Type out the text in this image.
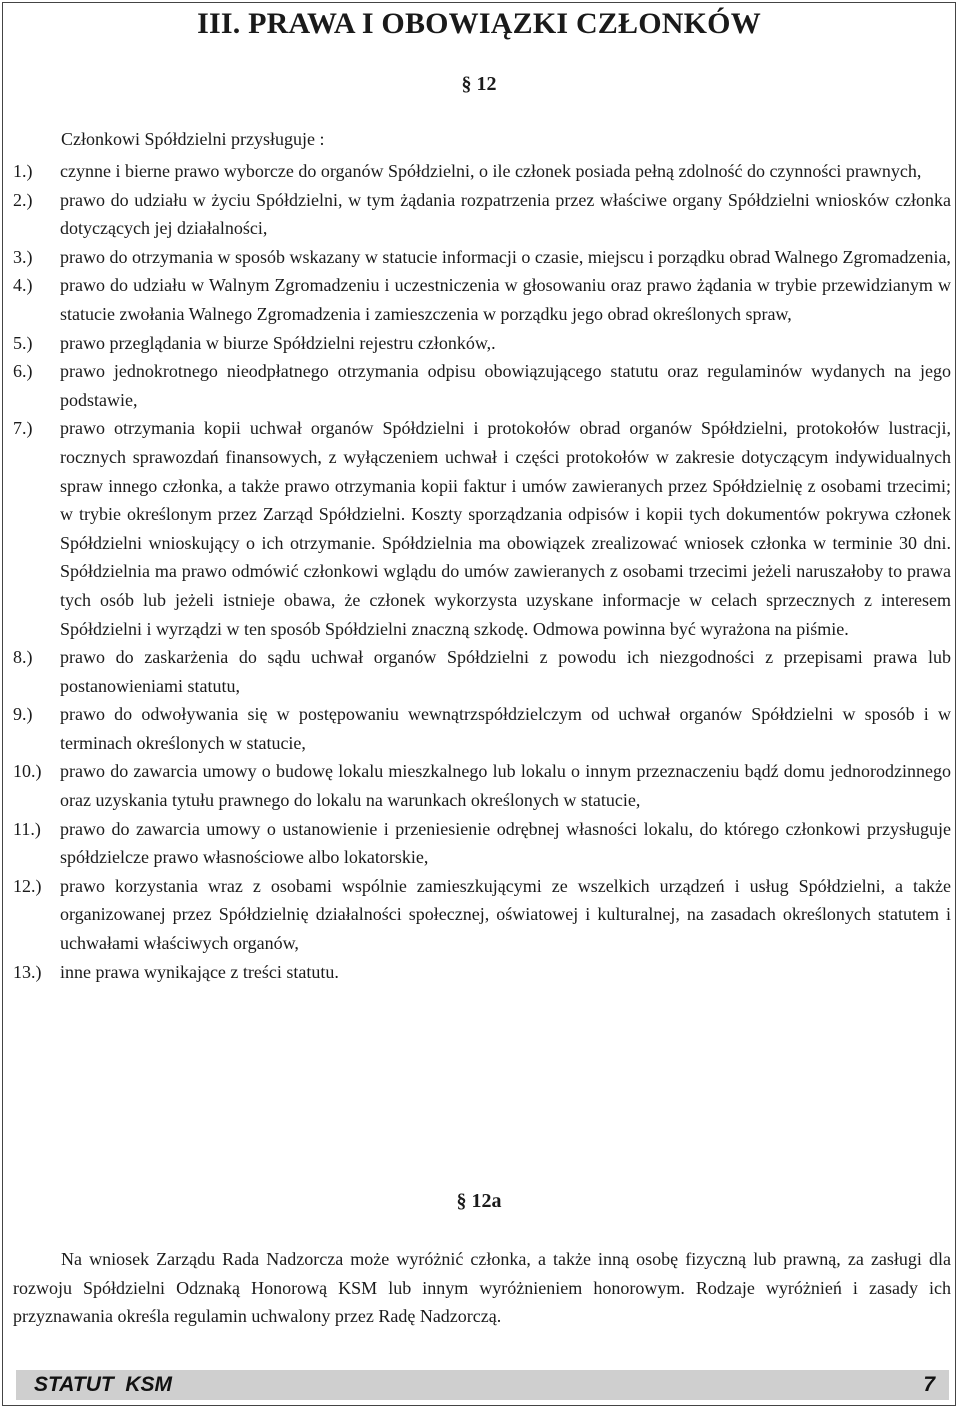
III. PRAWA I OBOWIĄZKI CZŁONKÓW
§ 12

Członkowi Spółdzielni przysługuje :

1.) czynne i bierne prawo wyborcze do organów Spółdzielni, o ile członek posiada pełną zdolność do czynności prawnych,
2.) prawo do udziału w życiu Spółdzielni, w tym żądania rozpatrzenia przez właściwe organy Spółdzielni wniosków członka dotyczących jej działalności,
3.) prawo do otrzymania w sposób wskazany w statucie informacji o czasie, miejscu i porządku obrad Walnego Zgromadzenia,
4.) prawo do udziału w Walnym Zgromadzeniu i uczestniczenia w głosowaniu oraz prawo żądania w trybie przewidzianym w statucie zwołania Walnego Zgromadzenia i zamieszczenia w porządku jego obrad określonych spraw,
5.) prawo przeglądania w biurze Spółdzielni rejestru członków,.
6.) prawo jednokrotnego nieodpłatnego otrzymania odpisu obowiązującego statutu oraz regulaminów wydanych na jego podstawie,
7.) prawo otrzymania kopii uchwał organów Spółdzielni i protokołów obrad organów Spółdzielni, protokołów lustracji, rocznych sprawozdań finansowych, z wyłączeniem uchwał i części protokołów w zakresie dotyczącym indywidualnych spraw innego członka, a także prawo otrzymania kopii faktur i umów zawieranych przez Spółdzielnię z osobami trzecimi; w trybie określonym przez Zarząd Spółdzielni. Koszty sporządzania odpisów i kopii tych dokumentów pokrywa członek Spółdzielni wnioskujący o ich otrzymanie. Spółdzielnia ma obowiązek zrealizować wniosek członka w terminie 30 dni. Spółdzielnia ma prawo odmówić członkowi wglądu do umów zawieranych z osobami trzecimi jeżeli naruszałoby to prawa tych osób lub jeżeli istnieje obawa, że członek wykorzysta uzyskane informacje w celach sprzecznych z interesem Spółdzielni i wyrządzi w ten sposób Spółdzielni znaczną szkodę. Odmowa powinna być wyrażona na piśmie.
8.) prawo do zaskarżenia do sądu uchwał organów Spółdzielni z powodu ich niezgodności z przepisami prawa lub postanowieniami statutu,
9.) prawo do odwoływania się w postępowaniu wewnątrzspółdzielczym od uchwał organów Spółdzielni w sposób i w terminach określonych w statucie,
10.) prawo do zawarcia umowy o budowę lokalu mieszkalnego lub lokalu o innym przeznaczeniu bądź domu jednorodzinnego oraz uzyskania tytułu prawnego do lokalu na warunkach określonych w statucie,
11.) prawo do zawarcia umowy o ustanowienie i przeniesienie odrębnej własności lokalu, do którego członkowi przysługuje spółdzielcze prawo własnościowe albo lokatorskie,
12.) prawo korzystania wraz z osobami wspólnie zamieszkującymi ze wszelkich urządzeń i usług Spółdzielni, a także organizowanej przez Spółdzielnię działalności społecznej, oświatowej i kulturalnej, na zasadach określonych statutem i uchwałami właściwych organów,
13.) inne prawa wynikające z treści statutu.
§ 12a

Na wniosek Zarządu Rada Nadzorcza może wyróżnić członka, a także inną osobę fizyczną lub prawną, za zasługi dla rozwoju Spółdzielni Odznaką Honorową KSM lub innym wyróżnieniem honorowym. Rodzaje wyróżnień i zasady ich przyznawania określa regulamin uchwalony przez Radę Nadzorczą.

STATUT  KSM	7
